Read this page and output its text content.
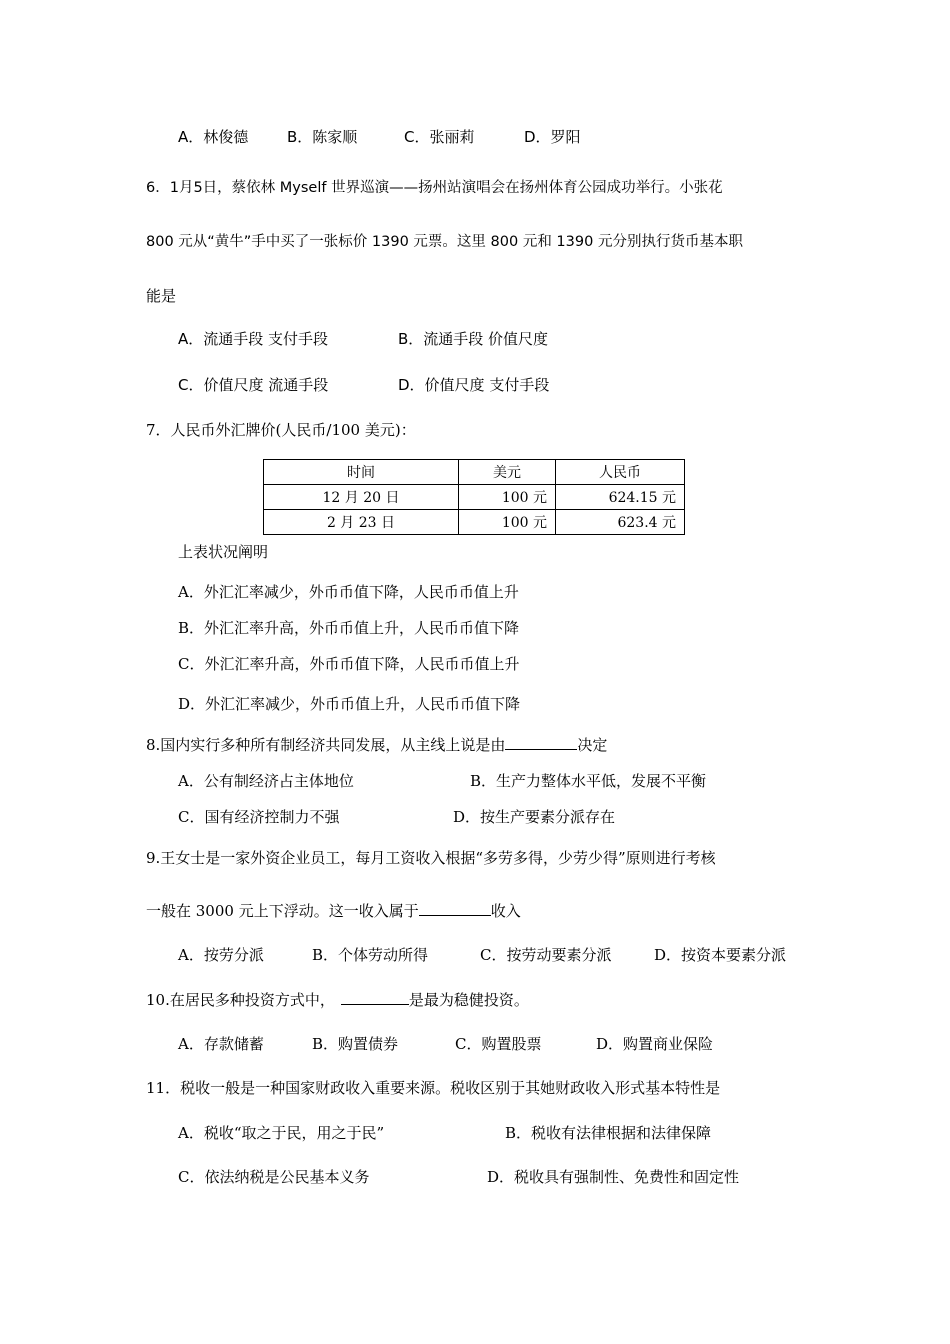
A．林俊德	B．陈家顺	C．张丽莉	D．罗阳
6．1月5日，蔡依林 Myself 世界巡演——扬州站演唱会在扬州体育公园成功举行。小张花
800 元从“黄牛”手中买了一张标价 1390 元票。这里 800 元和 1390 元分别执行货币基本职
能是
A．流通手段 支付手段	B．流通手段 价值尺度
C．价值尺度 流通手段	D．价值尺度 支付手段
7．人民币外汇牌价(人民币/100 美元)：
时间	美元	人民币
12 月 20 日	100 元	624.15 元
2 月 23 日	100 元	623.4 元
上表状况阐明
A．外汇汇率减少，外币币值下降，人民币币值上升
B．外汇汇率升高，外币币值上升，人民币币值下降
C．外汇汇率升高，外币币值下降，人民币币值上升
D．外汇汇率减少，外币币值上升，人民币币值下降
8.国内实行多种所有制经济共同发展，从主线上说是由	决定
A．公有制经济占主体地位	B．生产力整体水平低，发展不平衡
C．国有经济控制力不强	D．按生产要素分派存在
9.王女士是一家外资企业员工，每月工资收入根据“多劳多得，少劳少得”原则进行考核
一般在 3000 元上下浮动。这一收入属于	收入
A．按劳分派	B．个体劳动所得	C．按劳动要素分派	D．按资本要素分派
10.在居民多种投资方式中，	是最为稳健投资。
A．存款储蓄	B．购置债券	C．购置股票	D．购置商业保险
11．税收一般是一种国家财政收入重要来源。税收区别于其她财政收入形式基本特性是
A．税收“取之于民，用之于民”	B．税收有法律根据和法律保障
C．依法纳税是公民基本义务	D．税收具有强制性、免费性和固定性
